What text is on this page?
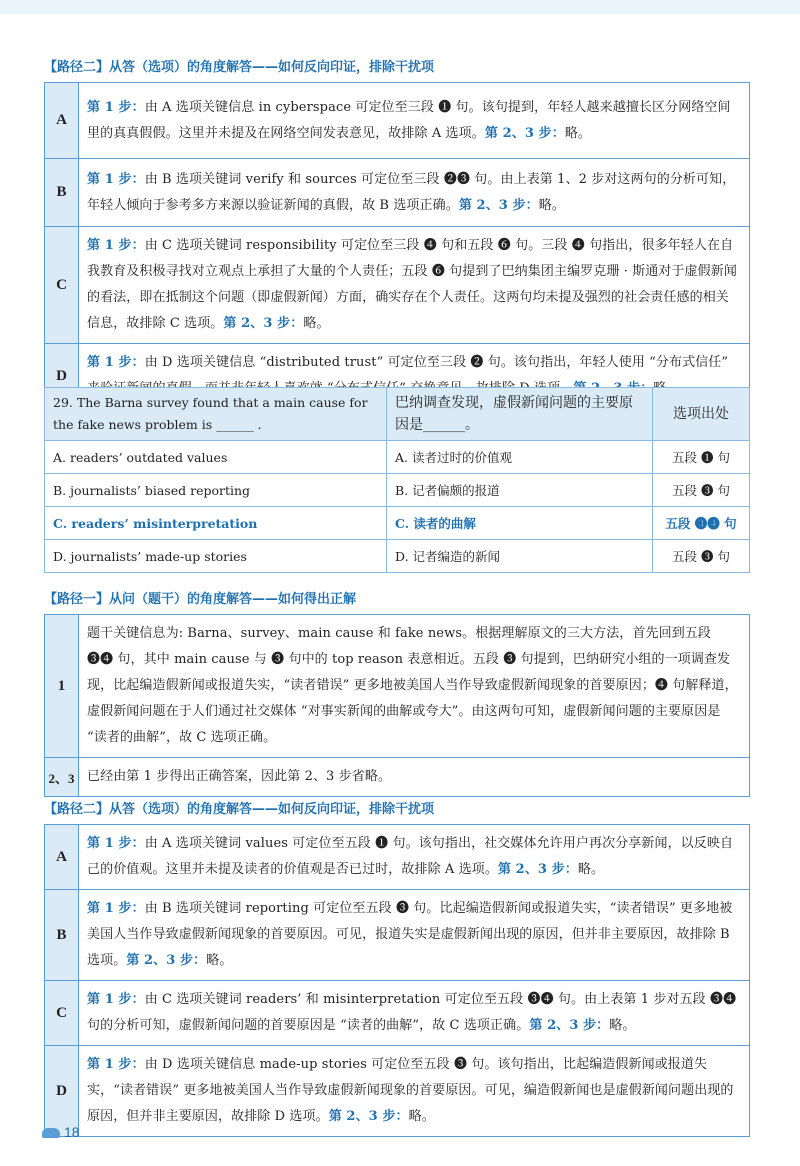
【路径二】从答（选项）的角度解答——如何反向印证，排除干扰项
A	第 1 步：由 A 选项关键信息 in cyberspace 可定位至三段 ❶ 句。该句提到，年轻人越来越擅长区分网络空间里的真真假假。这里并未提及在网络空间发表意见，故排除 A 选项。第 2、3 步：略。
B	第 1 步：由 B 选项关键词 verify 和 sources 可定位至三段 ❷❸ 句。由上表第 1、2 步对这两句的分析可知，年轻人倾向于参考多方来源以验证新闻的真假，故 B 选项正确。第 2、3 步：略。
C	第 1 步：由 C 选项关键词 responsibility 可定位至三段 ❹ 句和五段 ❻ 句。三段 ❹ 句指出，很多年轻人在自我教育及积极寻找对立观点上承担了大量的个人责任；五段 ❻ 句提到了巴纳集团主编罗克珊 · 斯通对于虚假新闻的看法，即在抵制这个问题（即虚假新闻）方面，确实存在个人责任。这两句均未提及强烈的社会责任感的相关信息，故排除 C 选项。第 2、3 步：略。
D	第 1 步：由 D 选项关键信息 “distributed trust” 可定位至三段 ❷ 句。该句指出，年轻人使用 “分布式信任”
29. The Barna survey found that a main cause for the fake news problem is ______ .	巴纳调查发现，虚假新闻问题的主要原因是______。	选项出处
A. readers’ outdated values	A. 读者过时的价值观	五段 ❶ 句
B. journalists’ biased reporting	B. 记者偏颇的报道	五段 ❸ 句
C. readers’ misinterpretation	C. 读者的曲解	五段 ❸❹ 句
D. journalists’ made-up stories	D. 记者编造的新闻	五段 ❸ 句
【路径一】从问（题干）的角度解答——如何得出正解
1	题干关键信息为: Barna、survey、main cause 和 fake news。根据理解原文的三大方法，首先回到五段 ❸❹ 句，其中 main cause 与 ❸ 句中的 top reason 表意相近。五段 ❸ 句提到，巴纳研究小组的一项调查发现，比起编造假新闻或报道失实，“读者错误” 更多地被美国人当作导致虚假新闻现象的首要原因；❹ 句解释道，虚假新闻问题在于人们通过社交媒体 “对事实新闻的曲解或夸大”。由这两句可知，虚假新闻问题的主要原因是 “读者的曲解”，故 C 选项正确。
2、3	已经由第 1 步得出正确答案，因此第 2、3 步省略。
【路径二】从答（选项）的角度解答——如何反向印证，排除干扰项
A	第 1 步：由 A 选项关键词 values 可定位至五段 ❶ 句。该句指出，社交媒体允许用户再次分享新闻，以反映自己的价值观。这里并未提及读者的价值观是否已过时，故排除 A 选项。第 2、3 步：略。
B	第 1 步：由 B 选项关键词 reporting 可定位至五段 ❸ 句。比起编造假新闻或报道失实，“读者错误” 更多地被美国人当作导致虚假新闻现象的首要原因。可见，报道失实是虚假新闻出现的原因，但并非主要原因，故排除 B 选项。第 2、3 步：略。
C	第 1 步：由 C 选项关键词 readers’ 和 misinterpretation 可定位至五段 ❸❹ 句。由上表第 1 步对五段 ❸❹ 句的分析可知，虚假新闻问题的首要原因是 “读者的曲解”，故 C 选项正确。第 2、3 步：略。
D	第 1 步：由 D 选项关键信息 made-up stories 可定位至五段 ❸ 句。该句指出，比起编造假新闻或报道失实，“读者错误” 更多地被美国人当作导致虚假新闻现象的首要原因。可见，编造假新闻也是虚假新闻问题出现的原因，但并非主要原因，故排除 D 选项。第 2、3 步：略。
18
